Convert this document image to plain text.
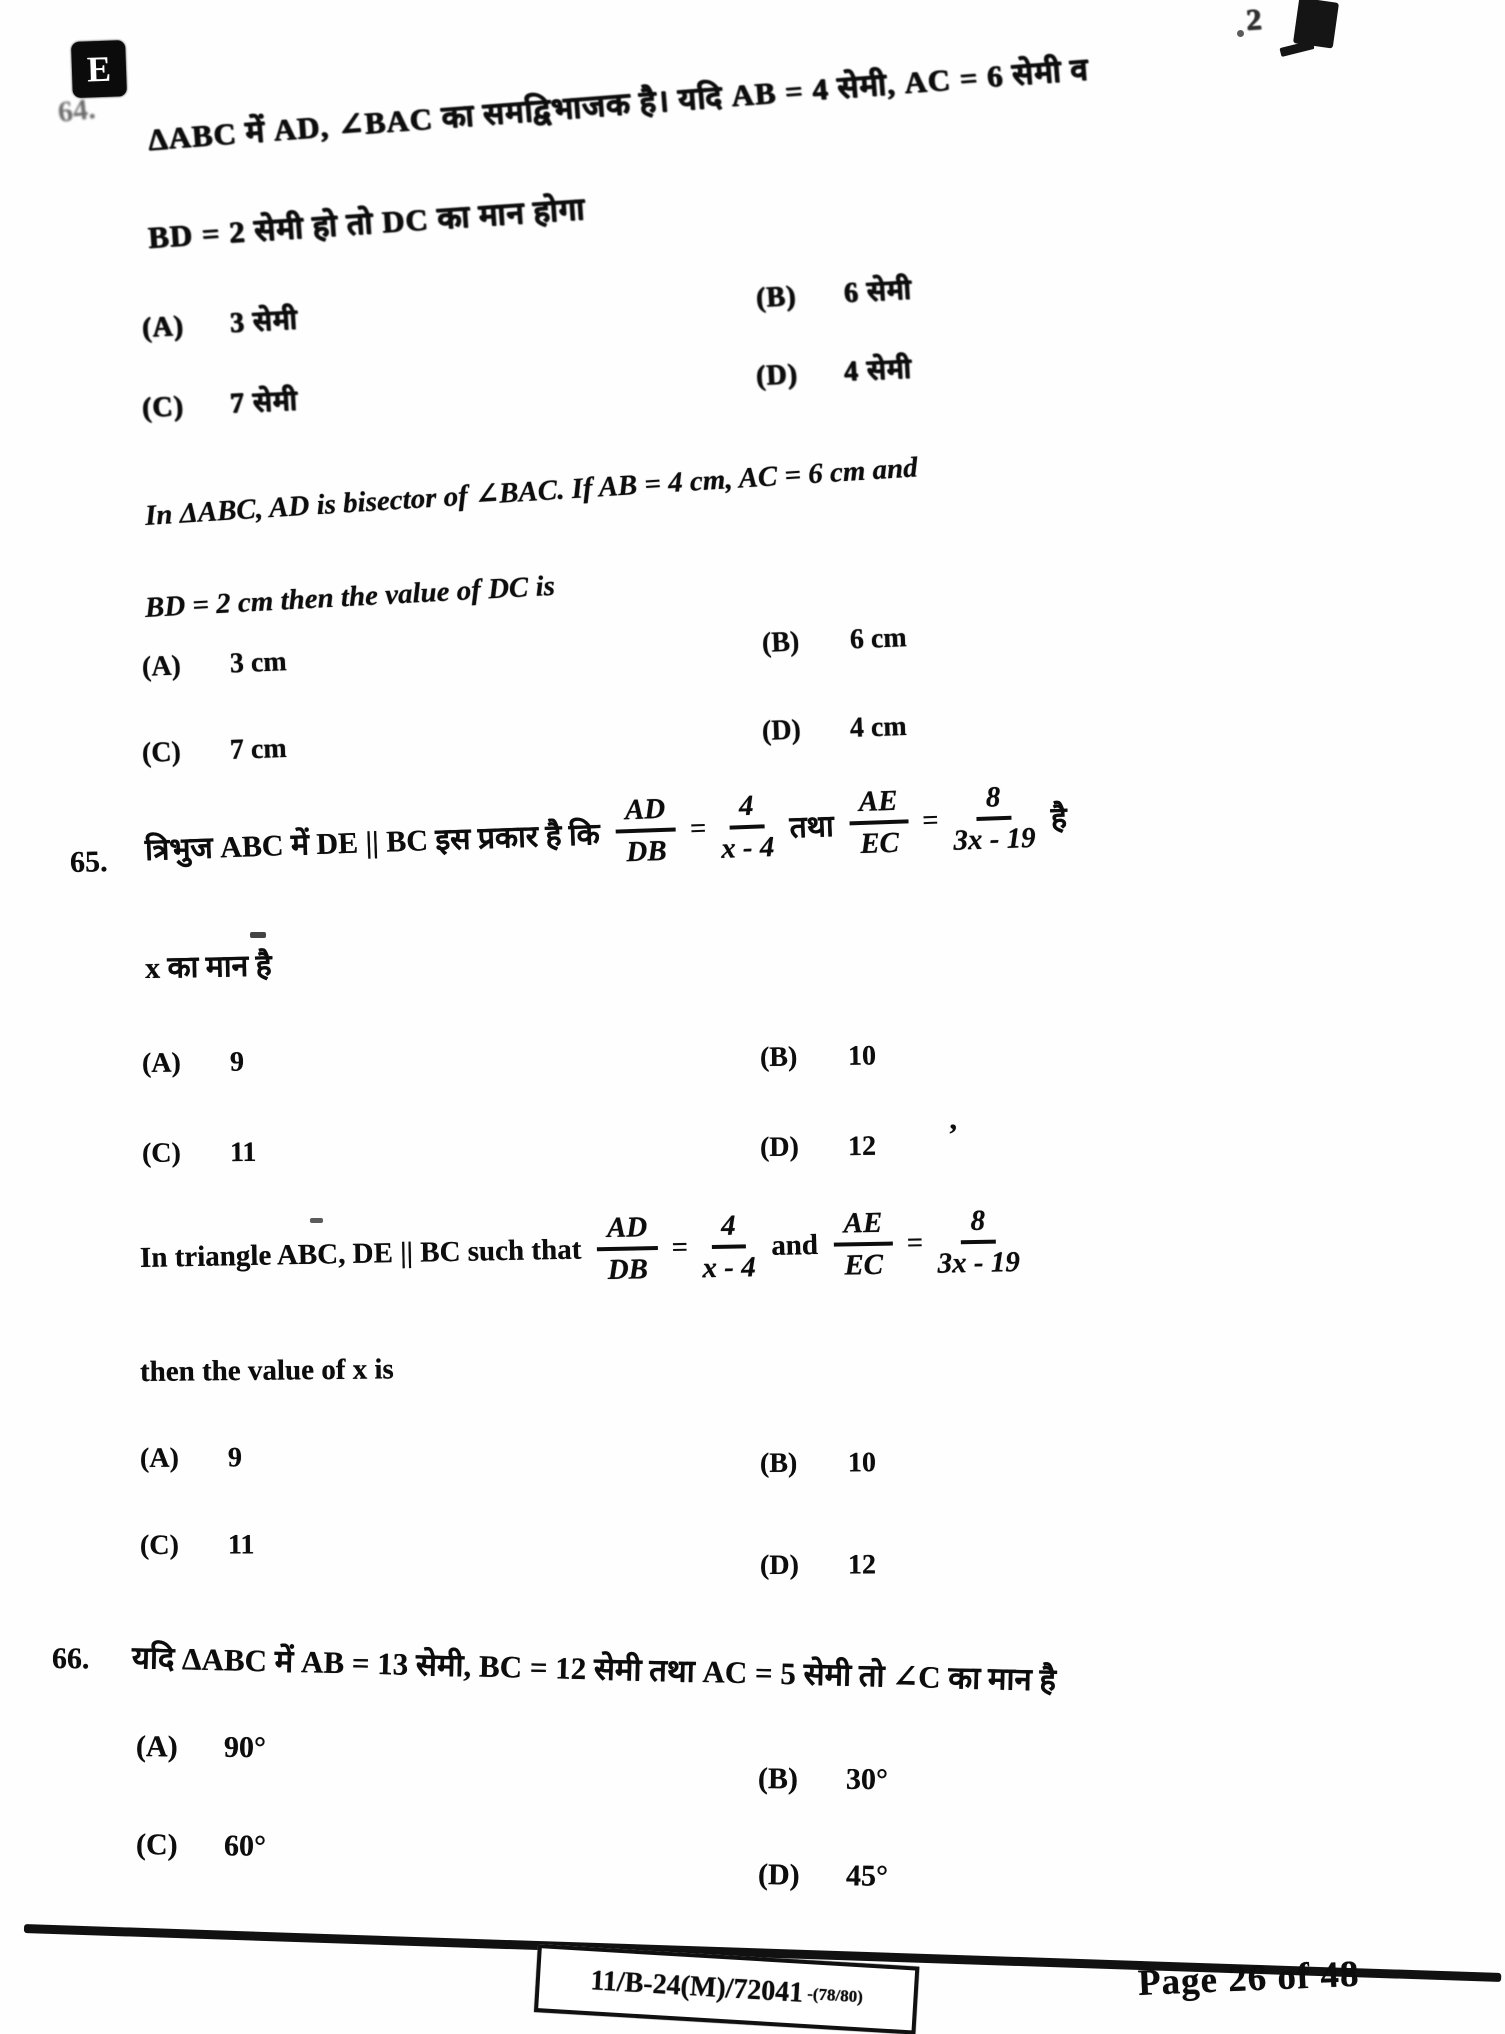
E
2
64. ΔABC में AD, ∠BAC का समद्विभाजक है। यदि AB = 4 सेमी, AC = 6 सेमी व
BD = 2 सेमी हो तो DC का मान होगा
(A)	3 सेमी
(B)	6 सेमी
(C)	7 सेमी
(D)	4 सेमी
In ΔABC, AD is bisector of ∠BAC. If AB = 4 cm, AC = 6 cm and
BD = 2 cm then the value of DC is
(A)	3 cm
(B)	6 cm
(C)	7 cm
(D)	4 cm
65. त्रिभुज ABC में DE || BC इस प्रकार है कि $\frac{AD}{DB} = \frac{4}{x - 4}$ तथा $\frac{AE}{EC} = \frac{8}{3x - 19}$ है
x का मान है
(A)	9	(B)	10
(C)	11	(D)	12 ’
In triangle ABC, DE || BC such that $\frac{AD}{DB} = \frac{4}{x - 4}$ and $\frac{AE}{EC} = \frac{8}{3x - 19}$
then the value of x is
(A)	9	(B)	10
(C)	11
(D)	12
66. यदि ΔABC में AB = 13 सेमी, BC = 12 सेमी तथा AC = 5 सेमी तो ∠C का मान है
(A)	90°
(B)	30°
(C)	60°
(D)	45°
11/B-24(M)/72041 -(78/80)	Page 26 of 48
